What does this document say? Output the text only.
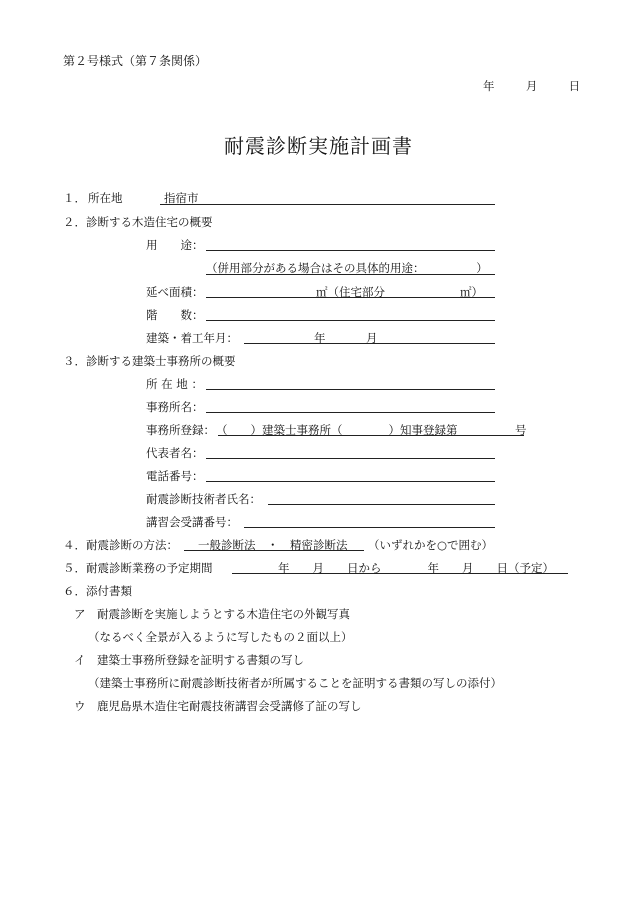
第２号様式（第７条関係）
年	月	日
耐震診断実施計画書
１． 所在地	指宿市
２．診断する木造住宅の概要
用　　途：
（併用部分がある場合はその具体的用途：　　　　　）
延べ面積：	㎡（住宅部分	㎡）
階　　数：
建築・着工年月：	年	月
３．診断する建築士事務所の概要
所 在 地 ：
事務所名：
事務所登録： （　　）建築士事務所（　　　　）知事登録第　　　　　号
代表者名：
電話番号：
耐震診断技術者氏名：
講習会受講番号：
４．耐震診断の方法： 一般診断法　・　精密診断法 （いずれかを○で囲む）
５．耐震診断業務の予定期間 　　　　年　　月　　日から　　　　年　　月　　日（予定）
６．添付書類
ア　耐震診断を実施しようとする木造住宅の外観写真
（なるべく全景が入るように写したもの２面以上）
イ　建築士事務所登録を証明する書類の写し
（建築士事務所に耐震診断技術者が所属することを証明する書類の写しの添付）
ウ　鹿児島県木造住宅耐震技術講習会受講修了証の写し
